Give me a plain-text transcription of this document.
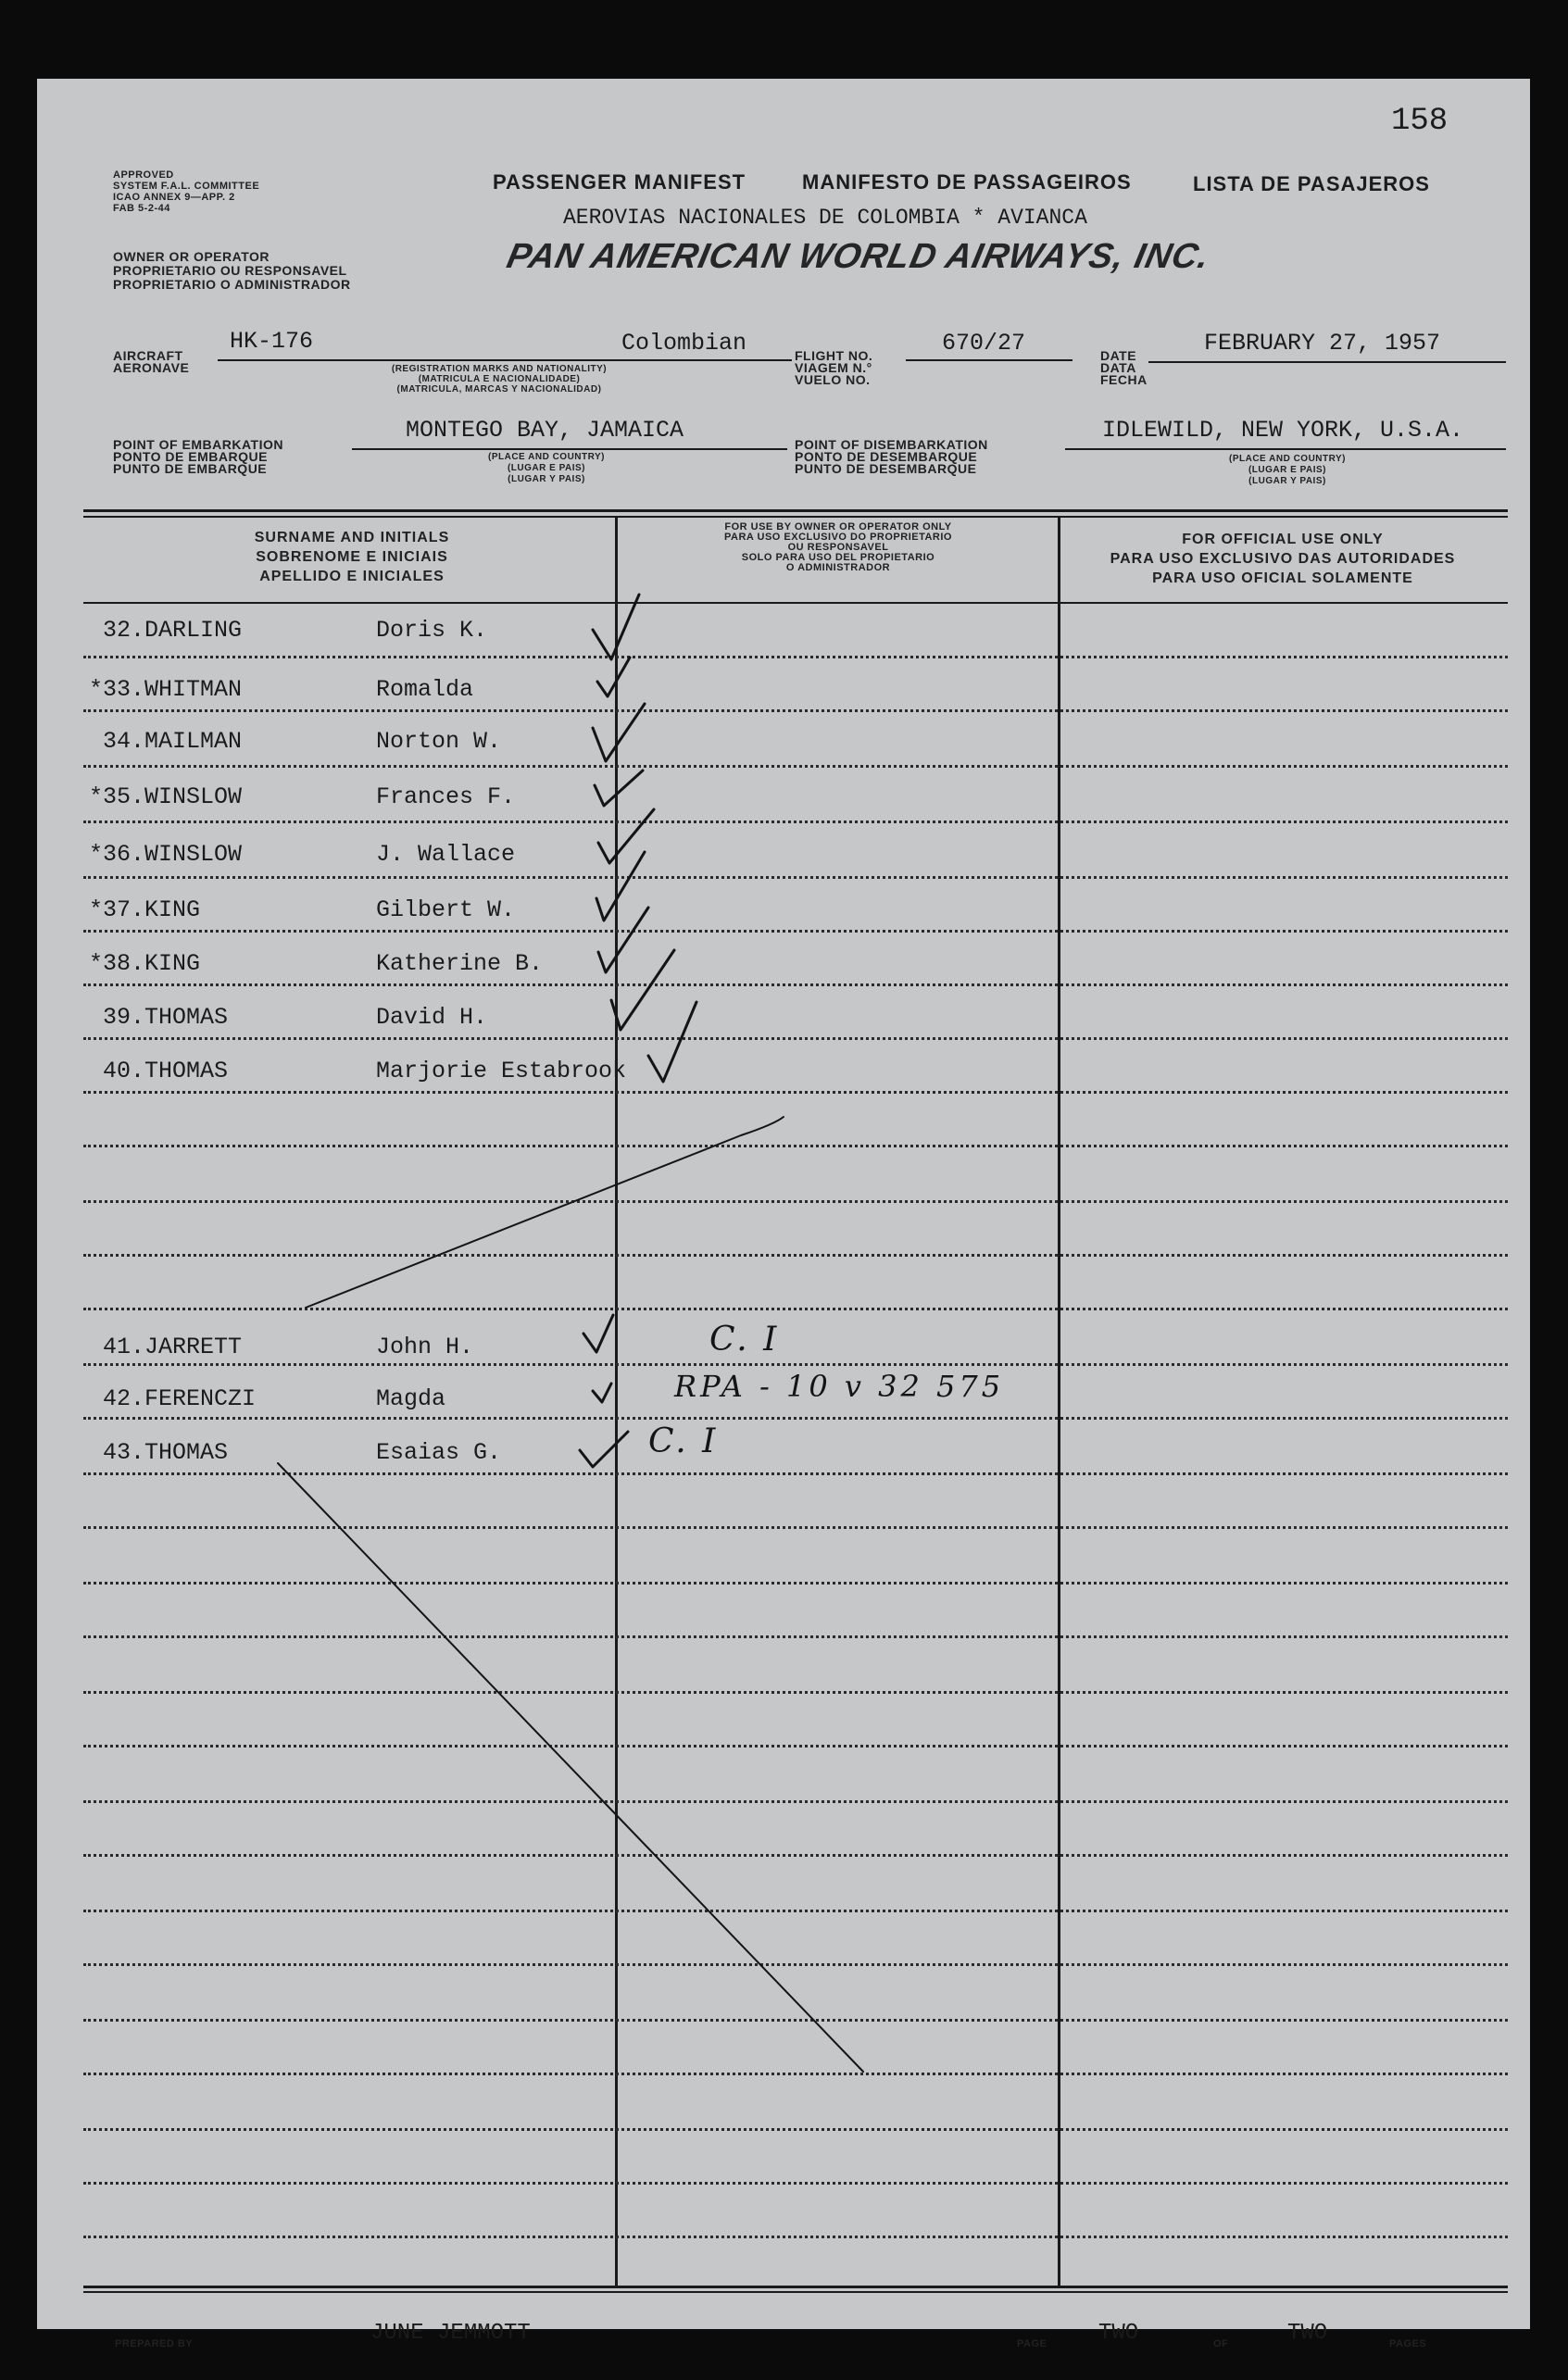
158
APPROVED
SYSTEM F.A.L. COMMITTEE
ICAO ANNEX 9—APP. 2
FAB 5-2-44
OWNER OR OPERATOR
PROPRIETARIO OU RESPONSAVEL
PROPRIETARIO O ADMINISTRADOR
PASSENGER MANIFEST	MANIFESTO DE PASSAGEIROS	LISTA DE PASAJEROS
AEROVIAS NACIONALES DE COLOMBIA * AVIANCA
PAN AMERICAN WORLD AIRWAYS, INC.
AIRCRAFT
AERONAVE
HK-176	Colombian
(REGISTRATION MARKS AND NATIONALITY)
(MATRICULA E NACIONALIDADE)
(MATRICULA, MARCAS Y NACIONALIDAD)
FLIGHT NO.
VIAGEM N.°
VUELO NO.
670/27	DATE
DATA
FECHA
FEBRUARY 27, 1957
POINT OF EMBARKATION
PONTO DE EMBARQUE
PUNTO DE EMBARQUE
MONTEGO BAY, JAMAICA
(PLACE AND COUNTRY)
(LUGAR E PAIS)
(LUGAR Y PAIS)
POINT OF DISEMBARKATION
PONTO DE DESEMBARQUE
PUNTO DE DESEMBARQUE
IDLEWILD, NEW YORK, U.S.A.
(PLACE AND COUNTRY)
(LUGAR E PAIS)
(LUGAR Y PAIS)
SURNAME AND INITIALS
SOBRENOME E INICIAIS
APELLIDO E INICIALES
FOR USE BY OWNER OR OPERATOR ONLY
PARA USO EXCLUSIVO DO PROPRIETARIO
OU RESPONSAVEL
SOLO PARA USO DEL PROPIETARIO
O ADMINISTRADOR
FOR OFFICIAL USE ONLY
PARA USO EXCLUSIVO DAS AUTORIDADES
PARA USO OFICIAL SOLAMENTE
32. DARLING	Doris K.
*33. WHITMAN	Romalda
34. MAILMAN	Norton W.
*35. WINSLOW	Frances F.
*36. WINSLOW	J. Wallace
*37. KING	Gilbert W.
*38. KING	Katherine B.
39. THOMAS	David H.
40. THOMAS	Marjorie Estabrook
41. JARRETT	John H.
42. FERENCZI	Magda
43. THOMAS	Esaias G.
C. I
RPA - 10 v 32 575
C. I
PREPARED BY	JUNE JEMMOTT	PAGE TWO	OF	TWO	PAGES
